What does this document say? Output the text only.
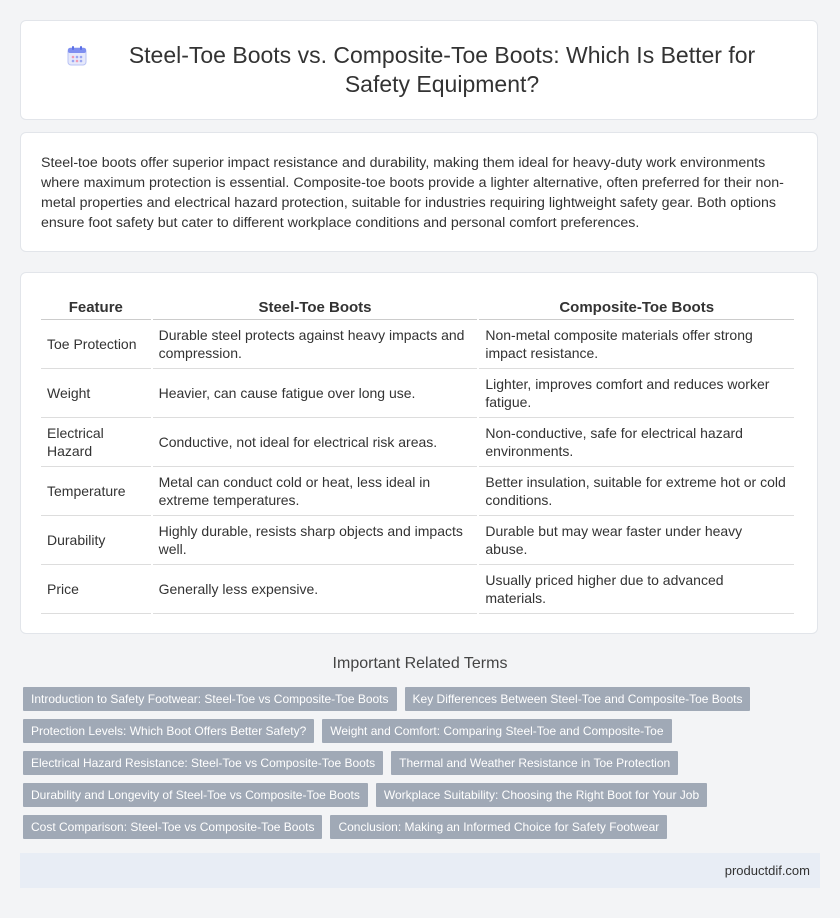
Steel-Toe Boots vs. Composite-Toe Boots: Which Is Better for Safety Equipment?

Steel-toe boots offer superior impact resistance and durability, making them ideal for heavy-duty work environments where maximum protection is essential. Composite-toe boots provide a lighter alternative, often preferred for their non-metal properties and electrical hazard protection, suitable for industries requiring lightweight safety gear. Both options ensure foot safety but cater to different workplace conditions and personal comfort preferences.

Feature	Steel-Toe Boots	Composite-Toe Boots
Toe Protection	Durable steel protects against heavy impacts and compression.	Non-metal composite materials offer strong impact resistance.
Weight	Heavier, can cause fatigue over long use.	Lighter, improves comfort and reduces worker fatigue.
Electrical Hazard	Conductive, not ideal for electrical risk areas.	Non-conductive, safe for electrical hazard environments.
Temperature	Metal can conduct cold or heat, less ideal in extreme temperatures.	Better insulation, suitable for extreme hot or cold conditions.
Durability	Highly durable, resists sharp objects and impacts well.	Durable but may wear faster under heavy abuse.
Price	Generally less expensive.	Usually priced higher due to advanced materials.
Important Related Terms
Introduction to Safety Footwear: Steel-Toe vs Composite-Toe Boots	Key Differences Between Steel-Toe and Composite-Toe Boots
Protection Levels: Which Boot Offers Better Safety?	Weight and Comfort: Comparing Steel-Toe and Composite-Toe
Electrical Hazard Resistance: Steel-Toe vs Composite-Toe Boots	Thermal and Weather Resistance in Toe Protection
Durability and Longevity of Steel-Toe vs Composite-Toe Boots	Workplace Suitability: Choosing the Right Boot for Your Job
Cost Comparison: Steel-Toe vs Composite-Toe Boots	Conclusion: Making an Informed Choice for Safety Footwear
productdif.com
